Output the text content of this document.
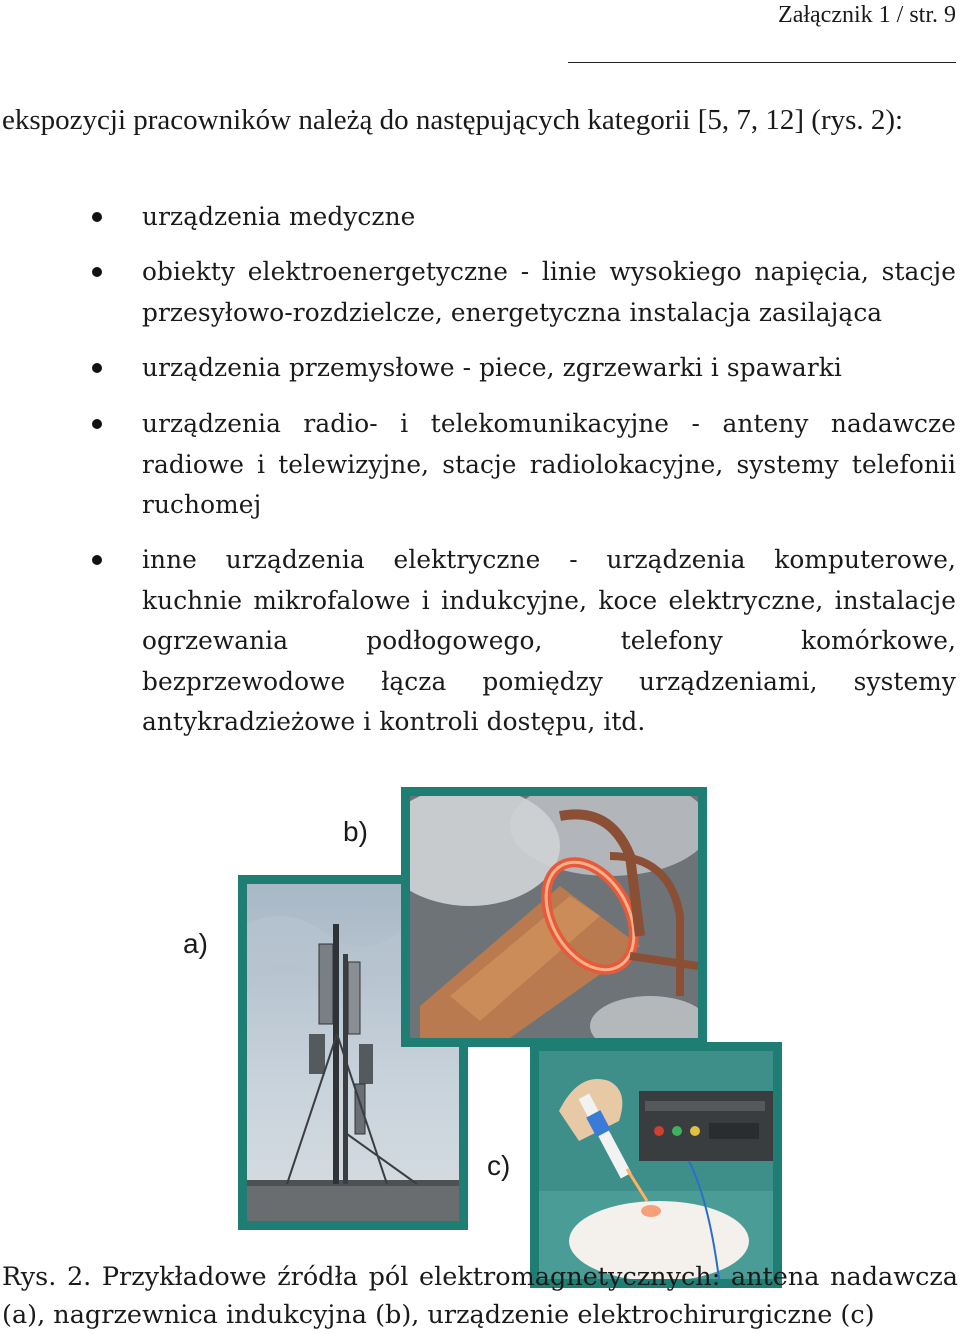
Załącznik 1 / str. 9

ekspozycji pracowników należą do następujących kategorii [5, 7, 12] (rys. 2):

urządzenia medyczne
obiekty elektroenergetyczne - linie wysokiego napięcia, stacje przesyłowo-rozdzielcze, energetyczna instalacja zasilająca
urządzenia przemysłowe - piece, zgrzewarki i spawarki
urządzenia radio- i telekomunikacyjne - anteny nadawcze radiowe i telewizyjne, stacje radiolokacyjne, systemy telefonii ruchomej
inne urządzenia elektryczne - urządzenia komputerowe, kuchnie mikrofalowe i indukcyjne, koce elektryczne, instalacje ogrzewania podłogowego, telefony komórkowe, bezprzewodowe łącza pomiędzy urządzeniami, systemy antykradzieżowe i kontroli dostępu, itd.
b)
a)
c)

Rys. 2. Przykładowe źródła pól elektromagnetycznych: antena nadawcza (a), nagrzewnica indukcyjna (b), urządzenie elektrochirurgiczne (c)
